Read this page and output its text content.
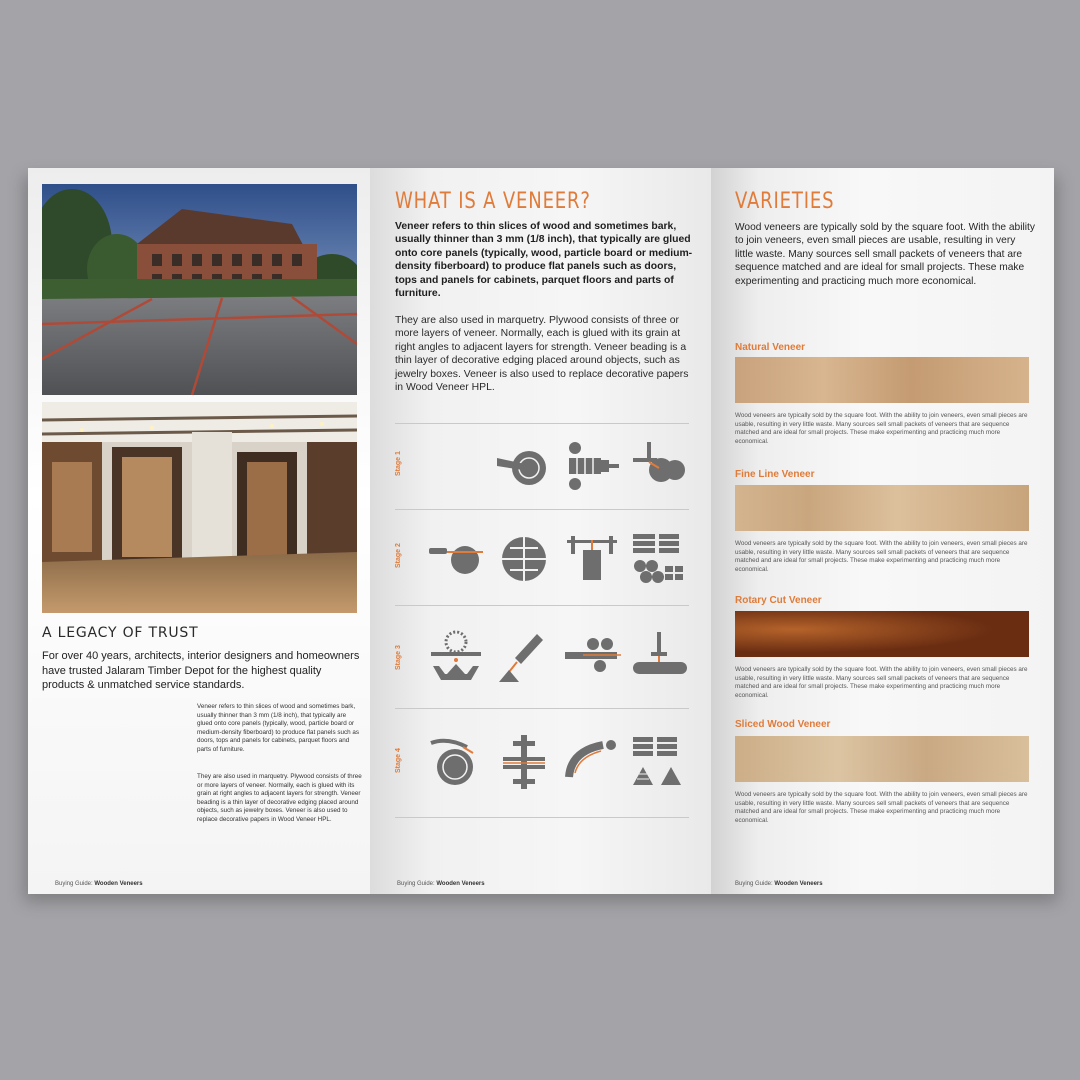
A LEGACY OF TRUST
For over 40 years, architects, interior designers and homeowners have trusted Jalaram Timber Depot for the highest quality products & unmatched service standards.
Veneer refers to thin slices of wood and sometimes bark, usually thinner than 3 mm (1/8 inch), that typically are glued onto core panels (typically, wood, particle board or medium-density fiberboard) to produce flat panels such as doors, tops and panels for cabinets, parquet floors and parts of furniture.
They are also used in marquetry. Plywood consists of three or more layers of veneer. Normally, each is glued with its grain at right angles to adjacent layers for strength. Veneer beading is a thin layer of decorative edging placed around objects, such as jewelry boxes. Veneer is also used to replace decorative papers in Wood Veneer HPL.
Buying Guide: Wooden Veneers
WHAT IS A VENEER?
Veneer refers to thin slices of wood and sometimes bark, usually thinner than 3 mm (1/8 inch), that typically are glued onto core panels (typically, wood, particle board or medium-density fiberboard) to produce flat panels such as doors, tops and panels for cabinets, parquet floors and parts of furniture.
They are also used in marquetry. Plywood consists of three or more layers of veneer. Normally, each is glued with its grain at right angles to adjacent layers for strength. Veneer beading is a thin layer of decorative edging placed around objects, such as jewelry boxes. Veneer is also used to replace decorative papers in Wood Veneer HPL.
Stage 1
Stage 2
Stage 3
Stage 4
Buying Guide: Wooden Veneers
VARIETIES
Wood veneers are typically sold by the square foot. With the ability to join veneers, even small pieces are usable, resulting in very little waste. Many sources sell small packets of veneers that are sequence matched and are ideal for small projects. These make experimenting and practicing much more economical.
Natural Veneer
Wood veneers are typically sold by the square foot. With the ability to join veneers, even small pieces are usable, resulting in very little waste. Many sources sell small packets of veneers that are sequence matched and are ideal for small projects. These make experimenting and practicing much more economical.
Fine Line Veneer
Wood veneers are typically sold by the square foot. With the ability to join veneers, even small pieces are usable, resulting in very little waste. Many sources sell small packets of veneers that are sequence matched and are ideal for small projects. These make experimenting and practicing much more economical.
Rotary Cut Veneer
Wood veneers are typically sold by the square foot. With the ability to join veneers, even small pieces are usable, resulting in very little waste. Many sources sell small packets of veneers that are sequence matched and are ideal for small projects. These make experimenting and practicing much more economical.
Sliced Wood Veneer
Wood veneers are typically sold by the square foot. With the ability to join veneers, even small pieces are usable, resulting in very little waste. Many sources sell small packets of veneers that are sequence matched and are ideal for small projects. These make experimenting and practicing much more economical.
Buying Guide: Wooden Veneers
